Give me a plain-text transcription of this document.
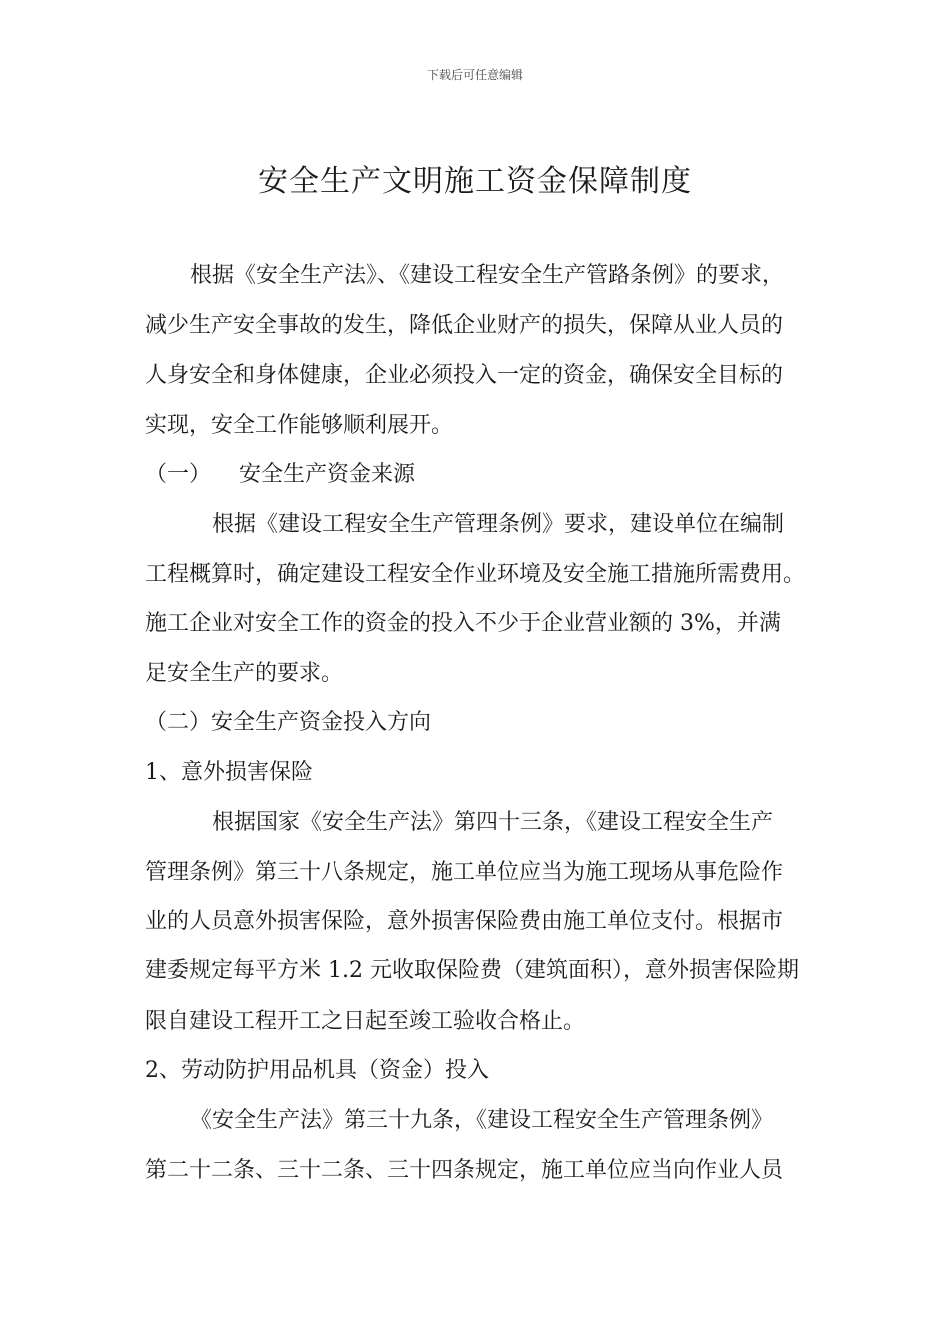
下载后可任意编辑
安全生产文明施工资金保障制度
根据《安全生产法》、《建设工程安全生产管路条例》的要求，
减少生产安全事故的发生，降低企业财产的损失，保障从业人员的
人身安全和身体健康，企业必须投入一定的资金，确保安全目标的
实现，安全工作能够顺利展开。
（一）    安全生产资金来源
根据《建设工程安全生产管理条例》要求，建设单位在编制
工程概算时，确定建设工程安全作业环境及安全施工措施所需费用。
施工企业对安全工作的资金的投入不少于企业营业额的 3%，并满
足安全生产的要求。
（二）安全生产资金投入方向
1、意外损害保险
根据国家《安全生产法》第四十三条，《建设工程安全生产
管理条例》第三十八条规定，施工单位应当为施工现场从事危险作
业的人员意外损害保险，意外损害保险费由施工单位支付。根据市
建委规定每平方米 1.2 元收取保险费（建筑面积），意外损害保险期
限自建设工程开工之日起至竣工验收合格止。
2、劳动防护用品机具（资金）投入
《安全生产法》第三十九条，《建设工程安全生产管理条例》
第二十二条、三十二条、三十四条规定，施工单位应当向作业人员
